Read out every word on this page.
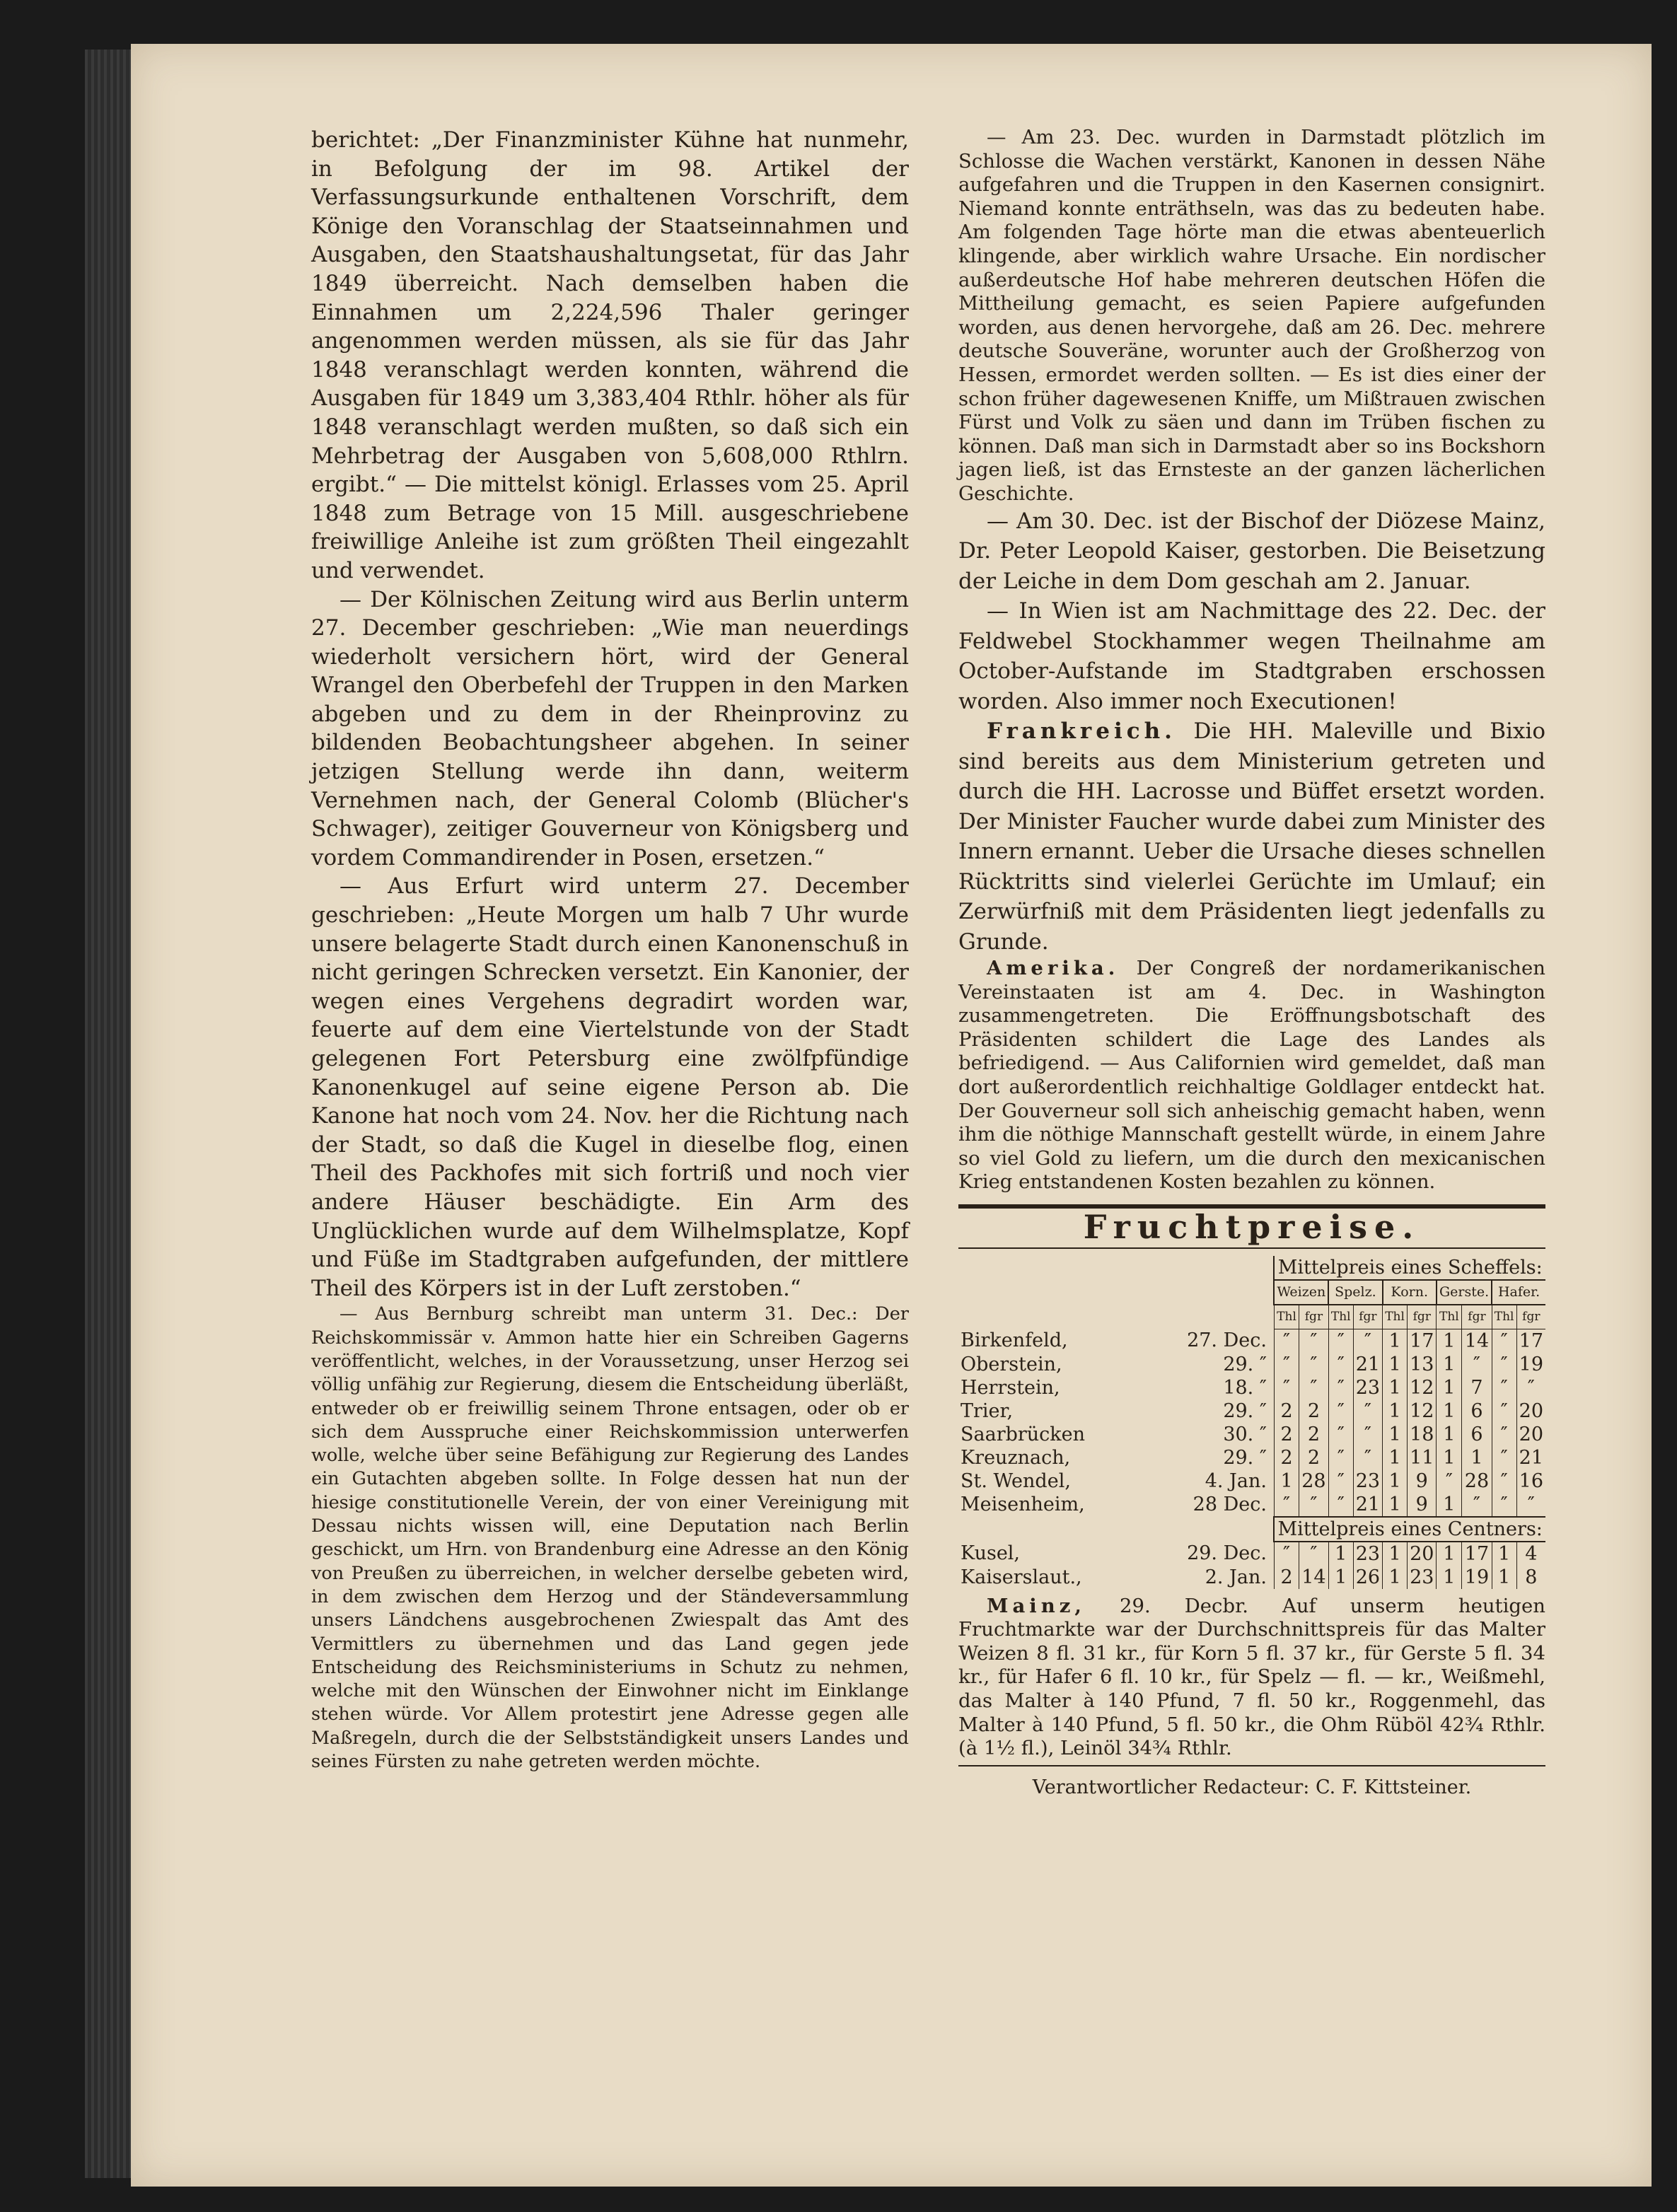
berichtet: „Der Finanzminister Kühne hat nunmehr, in Befolgung der im 98. Artikel der Verfassungsurkunde enthaltenen Vorschrift, dem Könige den Voranschlag der Staatseinnahmen und Ausgaben, den Staatshaushaltungsetat, für das Jahr 1849 überreicht. Nach demselben haben die Einnahmen um 2,224,596 Thaler geringer angenommen werden müssen, als sie für das Jahr 1848 veranschlagt werden konnten, während die Ausgaben für 1849 um 3,383,404 Rthlr. höher als für 1848 veranschlagt werden mußten, so daß sich ein Mehrbetrag der Ausgaben von 5,608,000 Rthlrn. ergibt.“ — Die mittelst königl. Erlasses vom 25. April 1848 zum Betrage von 15 Mill. ausgeschriebene freiwillige Anleihe ist zum größten Theil eingezahlt und verwendet.

— Der Kölnischen Zeitung wird aus Berlin unterm 27. December geschrieben: „Wie man neuerdings wiederholt versichern hört, wird der General Wrangel den Oberbefehl der Truppen in den Marken abgeben und zu dem in der Rheinprovinz zu bildenden Beobachtungsheer abgehen. In seiner jetzigen Stellung werde ihn dann, weiterm Vernehmen nach, der General Colomb (Blücher's Schwager), zeitiger Gouverneur von Königsberg und vordem Commandirender in Posen, ersetzen.“

— Aus Erfurt wird unterm 27. December geschrieben: „Heute Morgen um halb 7 Uhr wurde unsere belagerte Stadt durch einen Kanonenschuß in nicht geringen Schrecken versetzt. Ein Kanonier, der wegen eines Vergehens degradirt worden war, feuerte auf dem eine Viertelstunde von der Stadt gelegenen Fort Petersburg eine zwölfpfündige Kanonenkugel auf seine eigene Person ab. Die Kanone hat noch vom 24. Nov. her die Richtung nach der Stadt, so daß die Kugel in dieselbe flog, einen Theil des Packhofes mit sich fortriß und noch vier andere Häuser beschädigte. Ein Arm des Unglücklichen wurde auf dem Wilhelmsplatze, Kopf und Füße im Stadtgraben aufgefunden, der mittlere Theil des Körpers ist in der Luft zerstoben.“

— Aus Bernburg schreibt man unterm 31. Dec.: Der Reichskommissär v. Ammon hatte hier ein Schreiben Gagerns veröffentlicht, welches, in der Voraussetzung, unser Herzog sei völlig unfähig zur Regierung, diesem die Entscheidung überläßt, entweder ob er freiwillig seinem Throne entsagen, oder ob er sich dem Ausspruche einer Reichskommission unterwerfen wolle, welche über seine Befähigung zur Regierung des Landes ein Gutachten abgeben sollte. In Folge dessen hat nun der hiesige constitutionelle Verein, der von einer Vereinigung mit Dessau nichts wissen will, eine Deputation nach Berlin geschickt, um Hrn. von Brandenburg eine Adresse an den König von Preußen zu überreichen, in welcher derselbe gebeten wird, in dem zwischen dem Herzog und der Ständeversammlung unsers Ländchens ausgebrochenen Zwiespalt das Amt des Vermittlers zu übernehmen und das Land gegen jede Entscheidung des Reichsministeriums in Schutz zu nehmen, welche mit den Wünschen der Einwohner nicht im Einklange stehen würde. Vor Allem protestirt jene Adresse gegen alle Maßregeln, durch die der Selbstständigkeit unsers Landes und seines Fürsten zu nahe getreten werden möchte.

— Am 23. Dec. wurden in Darmstadt plötzlich im Schlosse die Wachen verstärkt, Kanonen in dessen Nähe aufgefahren und die Truppen in den Kasernen consignirt. Niemand konnte enträthseln, was das zu bedeuten habe. Am folgenden Tage hörte man die etwas abenteuerlich klingende, aber wirklich wahre Ursache. Ein nordischer außerdeutsche Hof habe mehreren deutschen Höfen die Mittheilung gemacht, es seien Papiere aufgefunden worden, aus denen hervorgehe, daß am 26. Dec. mehrere deutsche Souveräne, worunter auch der Großherzog von Hessen, ermordet werden sollten. — Es ist dies einer der schon früher dagewesenen Kniffe, um Mißtrauen zwischen Fürst und Volk zu säen und dann im Trüben fischen zu können. Daß man sich in Darmstadt aber so ins Bockshorn jagen ließ, ist das Ernsteste an der ganzen lächerlichen Geschichte.

— Am 30. Dec. ist der Bischof der Diözese Mainz, Dr. Peter Leopold Kaiser, gestorben. Die Beisetzung der Leiche in dem Dom geschah am 2. Januar.

— In Wien ist am Nachmittage des 22. Dec. der Feldwebel Stockhammer wegen Theilnahme am October-Aufstande im Stadtgraben erschossen worden. Also immer noch Executionen!

Frankreich. Die HH. Maleville und Bixio sind bereits aus dem Ministerium getreten und durch die HH. Lacrosse und Büffet ersetzt worden. Der Minister Faucher wurde dabei zum Minister des Innern ernannt. Ueber die Ursache dieses schnellen Rücktritts sind vielerlei Gerüchte im Umlauf; ein Zerwürfniß mit dem Präsidenten liegt jedenfalls zu Grunde.

Amerika. Der Congreß der nordamerikanischen Vereinstaaten ist am 4. Dec. in Washington zusammengetreten. Die Eröffnungsbotschaft des Präsidenten schildert die Lage des Landes als befriedigend. — Aus Californien wird gemeldet, daß man dort außerordentlich reichhaltige Goldlager entdeckt hat. Der Gouverneur soll sich anheischig gemacht haben, wenn ihm die nöthige Mannschaft gestellt würde, in einem Jahre so viel Gold zu liefern, um die durch den mexicanischen Krieg entstandenen Kosten bezahlen zu können.

Fruchtpreise.
		Mittelpreis eines Scheffels:									
		Weizen		Spelz.		Korn.		Gerste.		Hafer.	
		Thl	fgr	Thl	fgr	Thl	fgr	Thl	fgr	Thl	fgr
Birkenfeld,	27. Dec.	″	″	″	″	1	17	1	14	″	17
Oberstein,	29. ″	″	″	″	21	1	13	1	″	″	19
Herrstein,	18. ″	″	″	″	23	1	12	1	7	″	″
Trier,	29. ″	2	2	″	″	1	12	1	6	″	20
Saarbrücken	30. ″	2	2	″	″	1	18	1	6	″	20
Kreuznach,	29. ″	2	2	″	″	1	11	1	1	″	21
St. Wendel,	4. Jan.	1	28	″	23	1	9	″	28	″	16
Meisenheim,	28 Dec.	″	″	″	21	1	9	1	″	″	″
		Mittelpreis eines Centners:									
Kusel,	29. Dec.	″	″	1	23	1	20	1	17	1	4
Kaiserslaut.,	2. Jan.	2	14	1	26	1	23	1	19	1	8

Mainz, 29. Decbr. Auf unserm heutigen Fruchtmarkte war der Durchschnittspreis für das Malter Weizen 8 fl. 31 kr., für Korn 5 fl. 37 kr., für Gerste 5 fl. 34 kr., für Hafer 6 fl. 10 kr., für Spelz — fl. — kr., Weißmehl, das Malter à 140 Pfund, 7 fl. 50 kr., Roggenmehl, das Malter à 140 Pfund, 5 fl. 50 kr., die Ohm Rüböl 42¾ Rthlr. (à 1½ fl.), Leinöl 34¾ Rthlr.

Verantwortlicher Redacteur: C. F. Kittsteiner.
